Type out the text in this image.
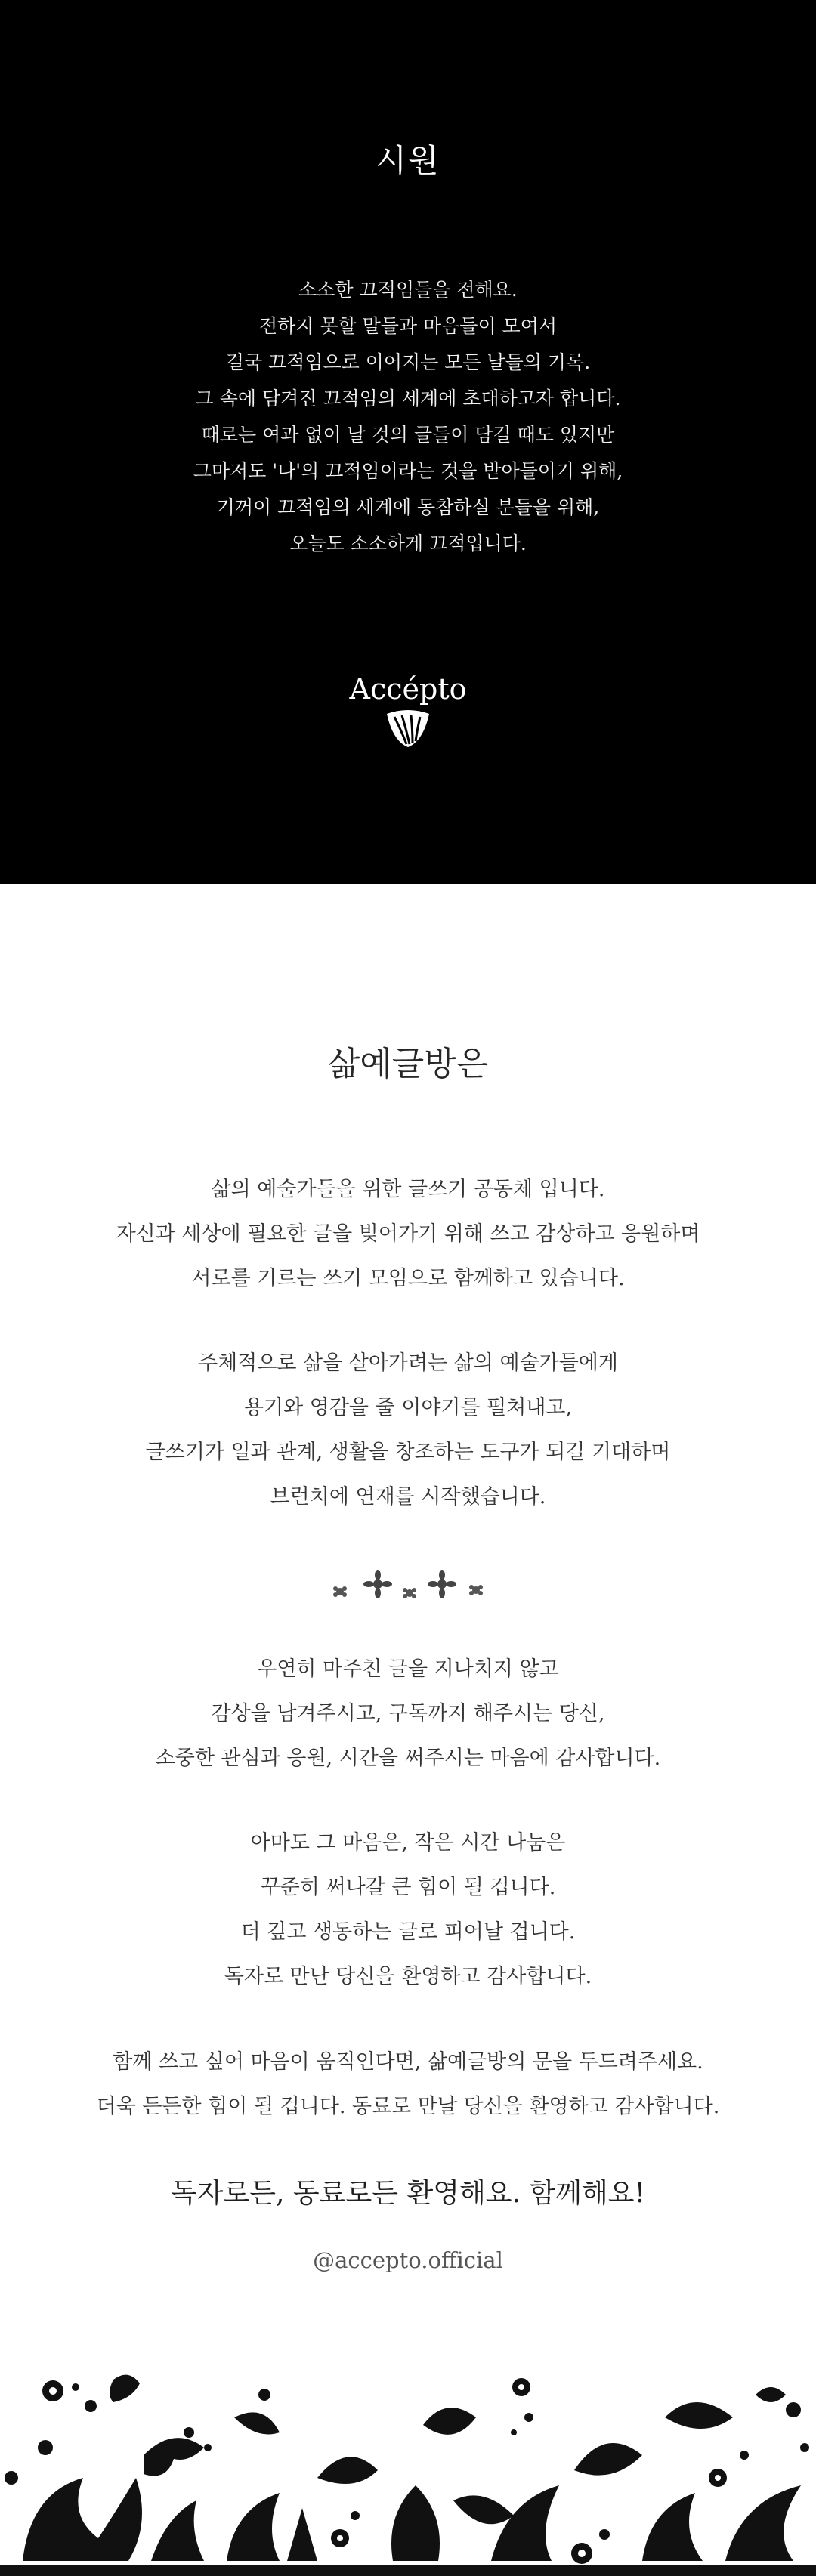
시원
소소한 끄적임들을 전해요.
전하지 못할 말들과 마음들이 모여서
결국 끄적임으로 이어지는 모든 날들의 기록.
그 속에 담겨진 끄적임의 세계에 초대하고자 합니다.
때로는 여과 없이 날 것의 글들이 담길 때도 있지만
그마저도 '나'의 끄적임이라는 것을 받아들이기 위해,
기꺼이 끄적임의 세계에 동참하실 분들을 위해,
오늘도 소소하게 끄적입니다.
Accépto
삶예글방은
삶의 예술가들을 위한 글쓰기 공동체 입니다.
자신과 세상에 필요한 글을 빚어가기 위해 쓰고 감상하고 응원하며
서로를 기르는 쓰기 모임으로 함께하고 있습니다.
주체적으로 삶을 살아가려는 삶의 예술가들에게
용기와 영감을 줄 이야기를 펼쳐내고,
글쓰기가 일과 관계, 생활을 창조하는 도구가 되길 기대하며
브런치에 연재를 시작했습니다.
우연히 마주친 글을 지나치지 않고
감상을 남겨주시고, 구독까지 해주시는 당신,
소중한 관심과 응원, 시간을 써주시는 마음에 감사합니다.
아마도 그 마음은, 작은 시간 나눔은
꾸준히 써나갈 큰 힘이 될 겁니다.
더 깊고 생동하는 글로 피어날 겁니다.
독자로 만난 당신을 환영하고 감사합니다.
함께 쓰고 싶어 마음이 움직인다면, 삶예글방의 문을 두드려주세요.
더욱 든든한 힘이 될 겁니다. 동료로 만날 당신을 환영하고 감사합니다.
독자로든, 동료로든 환영해요. 함께해요!
@accepto.official
